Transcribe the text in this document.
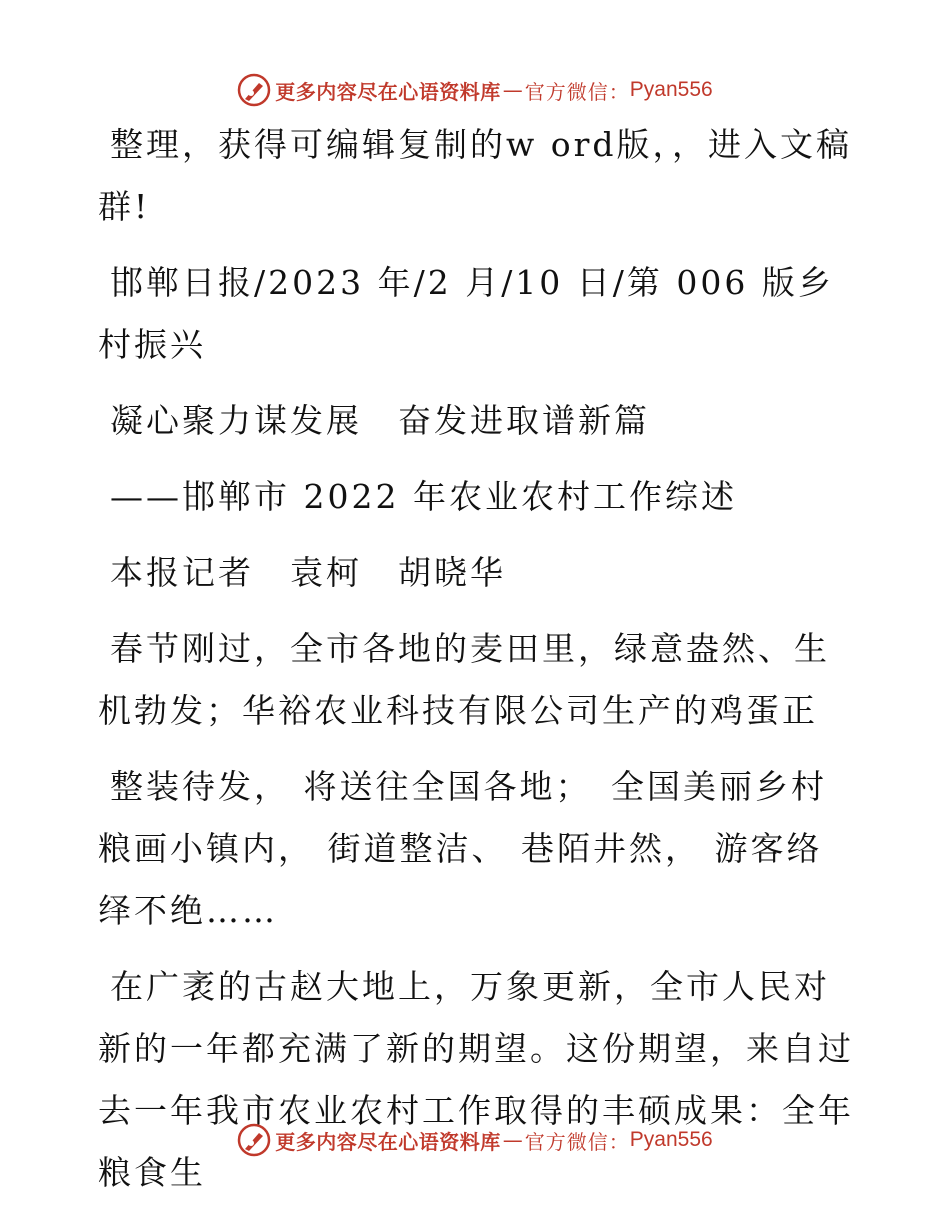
更多内容尽在心语资料库 — 官方微信： Pyan556

整理，获得可编辑复制的w ord版，，进入文稿群!

邯郸日报/2023 年/2 月/10 日/第 006 版乡村振兴

凝心聚力谋发展　奋发进取谱新篇

——邯郸市 2022 年农业农村工作综述

本报记者　袁柯　胡晓华

春节刚过，全市各地的麦田里，绿意盎然、生机勃发；华裕农业科技有限公司生产的鸡蛋正

整装待发， 将送往全国各地；　全国美丽乡村粮画小镇内， 街道整洁、 巷陌井然， 游客络绎不绝……

在广袤的古赵大地上，万象更新，全市人民对新的一年都充满了新的期望。这份期望，来自过去一年我市农业农村工作取得的丰硕成果：全年粮食生

更多内容尽在心语资料库 — 官方微信： Pyan556
